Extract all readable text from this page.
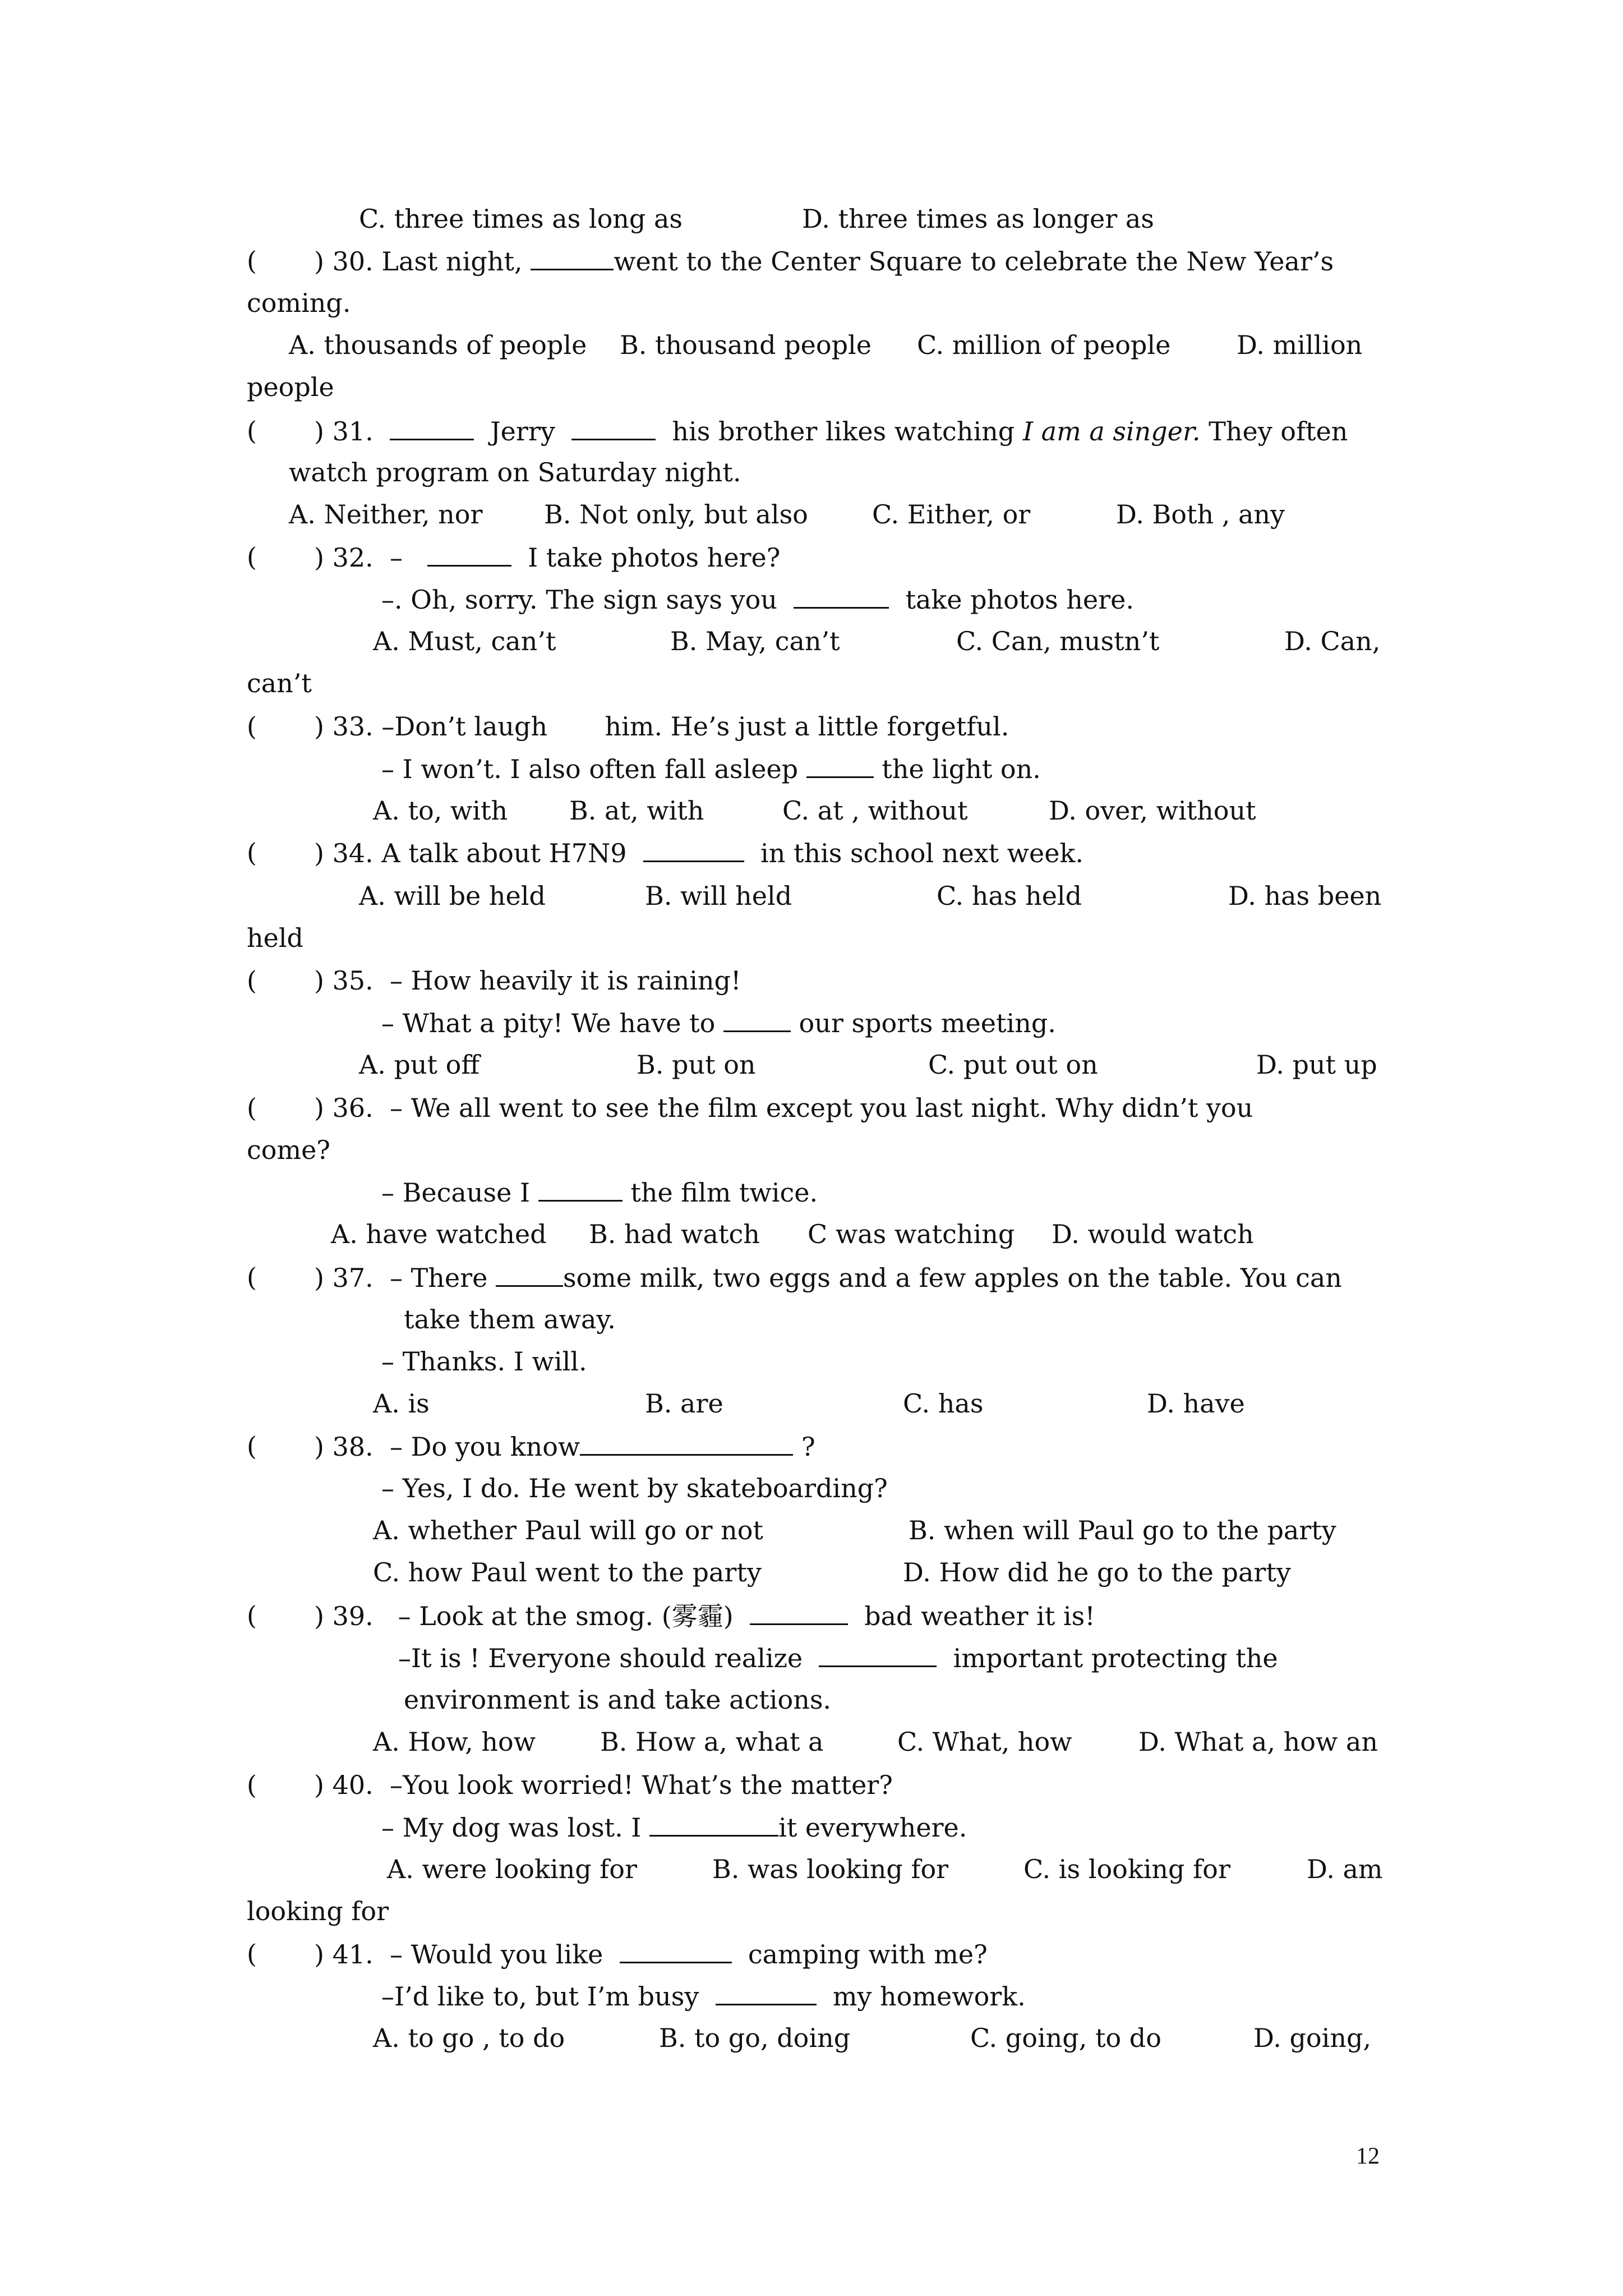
C. three times as long as	D. three times as longer as
( ) 30. Last night,	went to the Center Square to celebrate the New Year’s
coming.
A. thousands of people B. thousand people C. million of people	D. million
people
( ) 31.	Jerry	his brother likes watching I am a singer. They often
watch program on Saturday night.
A. Neither, nor B. Not only, but also C. Either, or	D. Both , any
( ) 32. –	I take photos here?
–. Oh, sorry. The sign says you	take photos here.
A. Must, can’t	B. May, can’t	C. Can, mustn’t	D. Can,
can’t
( ) 33. –Don’t laugh him. He’s just a little forgetful.
– I won’t. I also often fall asleep	the light on.
A. to, with B. at, with	C. at , without	D. over, without
( ) 34. A talk about H7N9	in this school next week.
A. will be held	B. will held	C. has held	D. has been
held
( ) 35. – How heavily it is raining!
– What a pity! We have to	our sports meeting.
A. put off	B. put on	C. put out on	D. put up
( ) 36. – We all went to see the film except you last night. Why didn’t you
come?
– Because I	the film twice.
A. have watched B. had watch C was watching D. would watch
( ) 37. – There	some milk, two eggs and a few apples on the table. You can
take them away.
– Thanks. I will.
A. is	B. are	C. has	D. have
( ) 38. – Do you know	?
– Yes, I do. He went by skateboarding?
A. whether Paul will go or not	B. when will Paul go to the party
C. how Paul went to the party	D. How did he go to the party
( ) 39. – Look at the smog. (雾霾)	bad weather it is!
–It is ! Everyone should realize	important protecting the
environment is and take actions.
A. How, how B. How a, what a	C. What, how	D. What a, how an
( ) 40. –You look worried! What’s the matter?
– My dog was lost. I	it everywhere.
A. were looking for	B. was looking for	C. is looking for	D. am
looking for
( ) 41. – Would you like	camping with me?
–I’d like to, but I’m busy	my homework.
A. to go , to do	B. to go, doing	C. going, to do	D. going,
12
